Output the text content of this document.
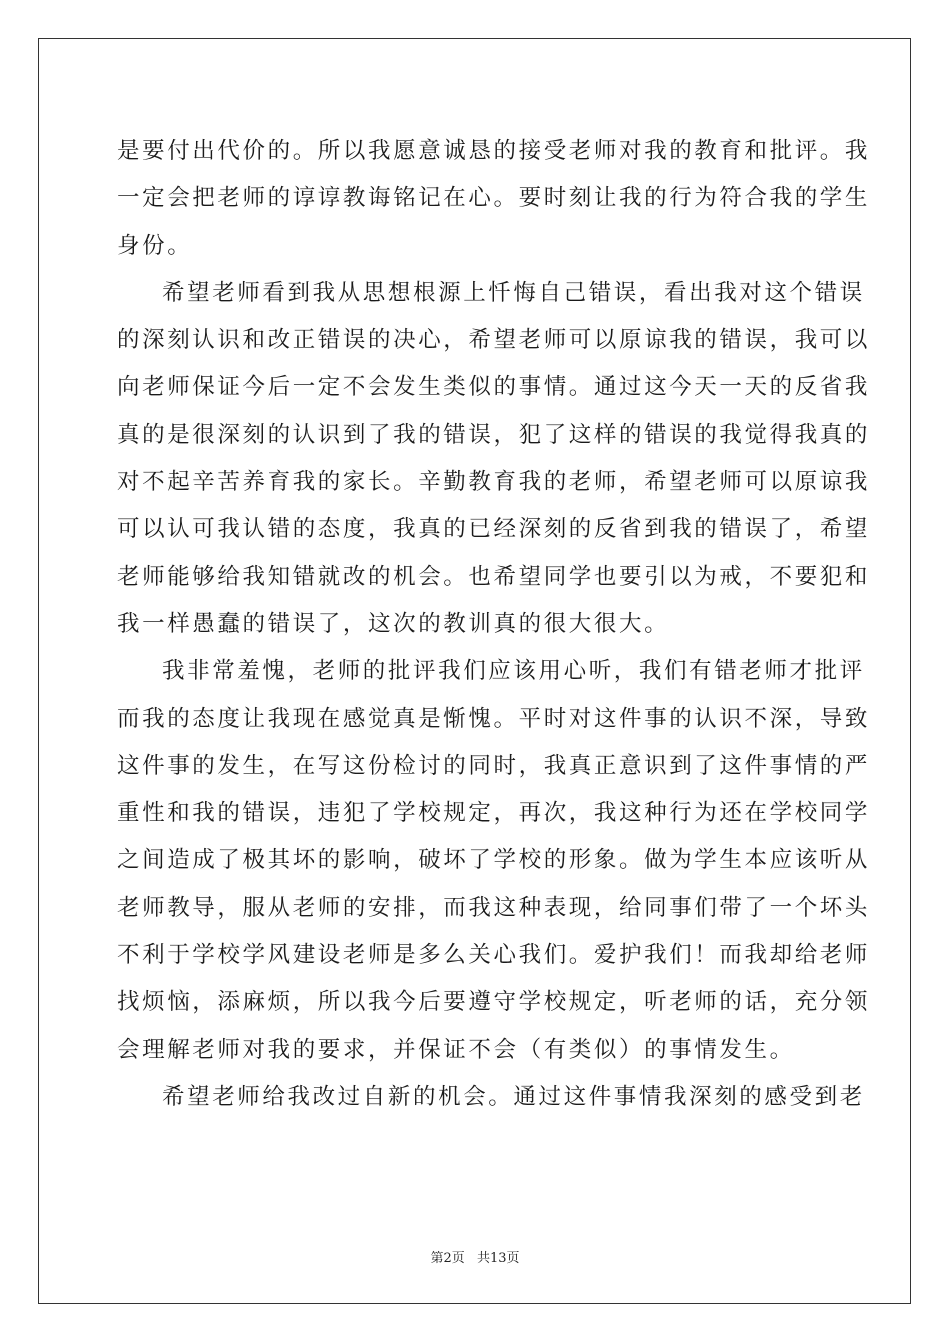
是要付出代价的。所以我愿意诚恳的接受老师对我的教育和批评。我
一定会把老师的谆谆教诲铭记在心。要时刻让我的行为符合我的学生
身份。
希望老师看到我从思想根源上忏悔自己错误，看出我对这个错误
的深刻认识和改正错误的决心，希望老师可以原谅我的错误，我可以
向老师保证今后一定不会发生类似的事情。通过这今天一天的反省我
真的是很深刻的认识到了我的错误，犯了这样的错误的我觉得我真的
对不起辛苦养育我的家长。辛勤教育我的老师，希望老师可以原谅我
可以认可我认错的态度，我真的已经深刻的反省到我的错误了，希望
老师能够给我知错就改的机会。也希望同学也要引以为戒，不要犯和
我一样愚蠢的错误了，这次的教训真的很大很大。
我非常羞愧，老师的批评我们应该用心听，我们有错老师才批评
而我的态度让我现在感觉真是惭愧。平时对这件事的认识不深，导致
这件事的发生，在写这份检讨的同时，我真正意识到了这件事情的严
重性和我的错误，违犯了学校规定，再次，我这种行为还在学校同学
之间造成了极其坏的影响，破坏了学校的形象。做为学生本应该听从
老师教导，服从老师的安排，而我这种表现，给同事们带了一个坏头
不利于学校学风建设老师是多么关心我们。爱护我们！而我却给老师
找烦恼，添麻烦，所以我今后要遵守学校规定，听老师的话，充分领
会理解老师对我的要求，并保证不会（有类似）的事情发生。
希望老师给我改过自新的机会。通过这件事情我深刻的感受到老
第2页 共13页
